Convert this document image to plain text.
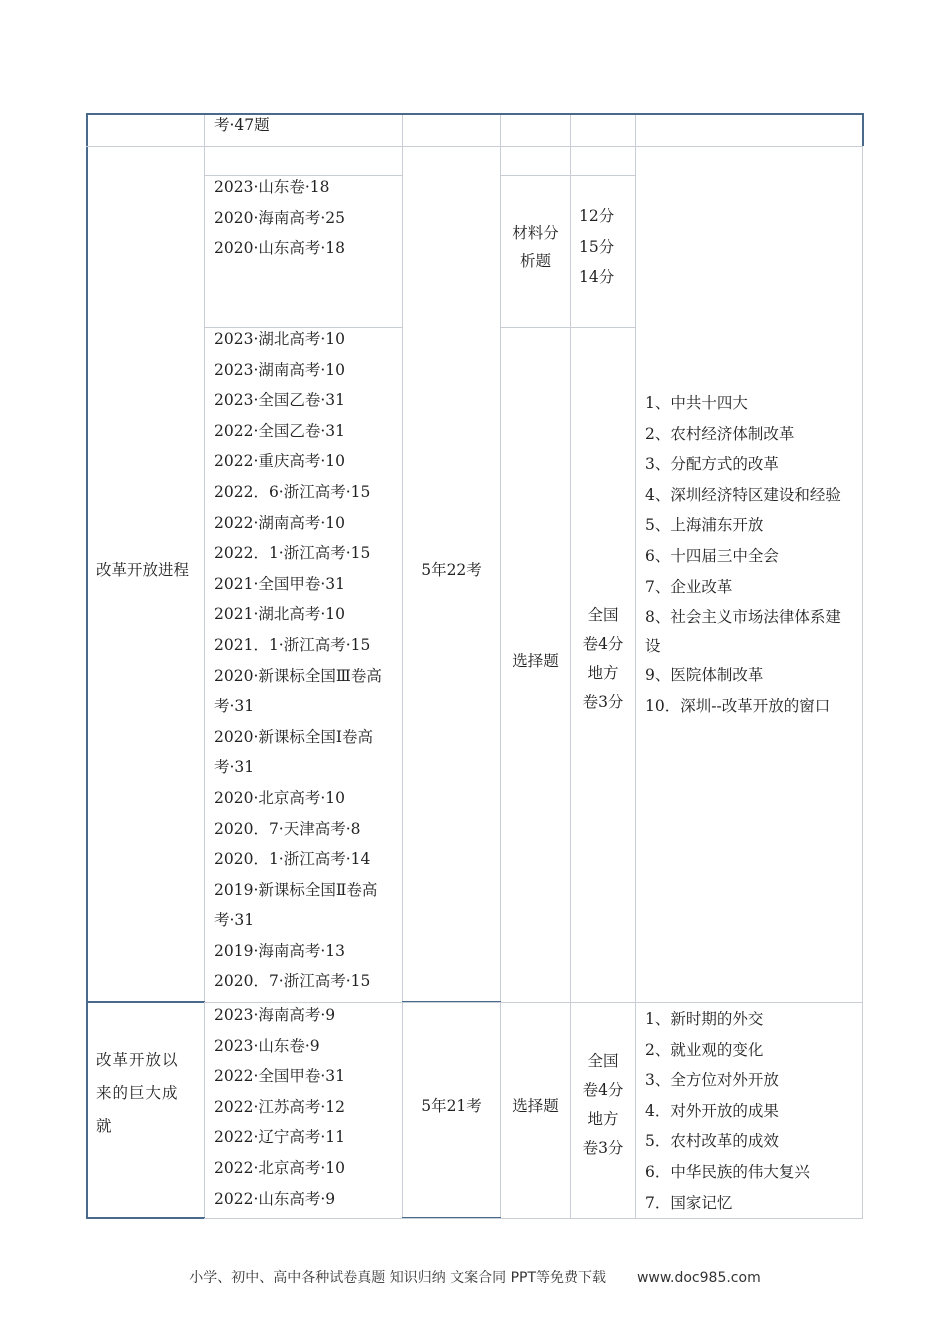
考·47题
改革开放进程	5年22考
2023·山东卷·18
2020·海南高考·25
2020·山东高考·18
材料分
析题
12分
15分
14分
2023·湖北高考·10
2023·湖南高考·10
2023·全国乙卷·31
2022·全国乙卷·31
2022·重庆高考·10
2022．6·浙江高考·15
2022·湖南高考·10
2022．1·浙江高考·15
2021·全国甲卷·31
2021·湖北高考·10
2021．1·浙江高考·15
2020·新课标全国Ⅲ卷高
考·31
2020·新课标全国Ⅰ卷高
考·31
2020·北京高考·10
2020．7·天津高考·8
2020．1·浙江高考·14
2019·新课标全国Ⅱ卷高
考·31
2019·海南高考·13
2020．7·浙江高考·15
选择题
全国
卷4分
地方
卷3分
1、中共十四大
2、农村经济体制改革
3、分配方式的改革
4、深圳经济特区建设和经验
5、上海浦东开放
6、十四届三中全会
7、企业改革
8、社会主义市场法律体系建
设
9、医院体制改革
10．深圳--改革开放的窗口
改革开放以
来的巨大成
就
5年21考
2023·海南高考·9
2023·山东卷·9
2022·全国甲卷·31
2022·江苏高考·12
2022·辽宁高考·11
2022·北京高考·10
2022·山东高考·9
选择题
全国
卷4分
地方
卷3分
1、新时期的外交
2、就业观的变化
3、全方位对外开放
4．对外开放的成果
5．农村改革的成效
6．中华民族的伟大复兴
7．国家记忆
小学、初中、高中各种试卷真题 知识归纳 文案合同 PPT等免费下载 www.doc985.com
